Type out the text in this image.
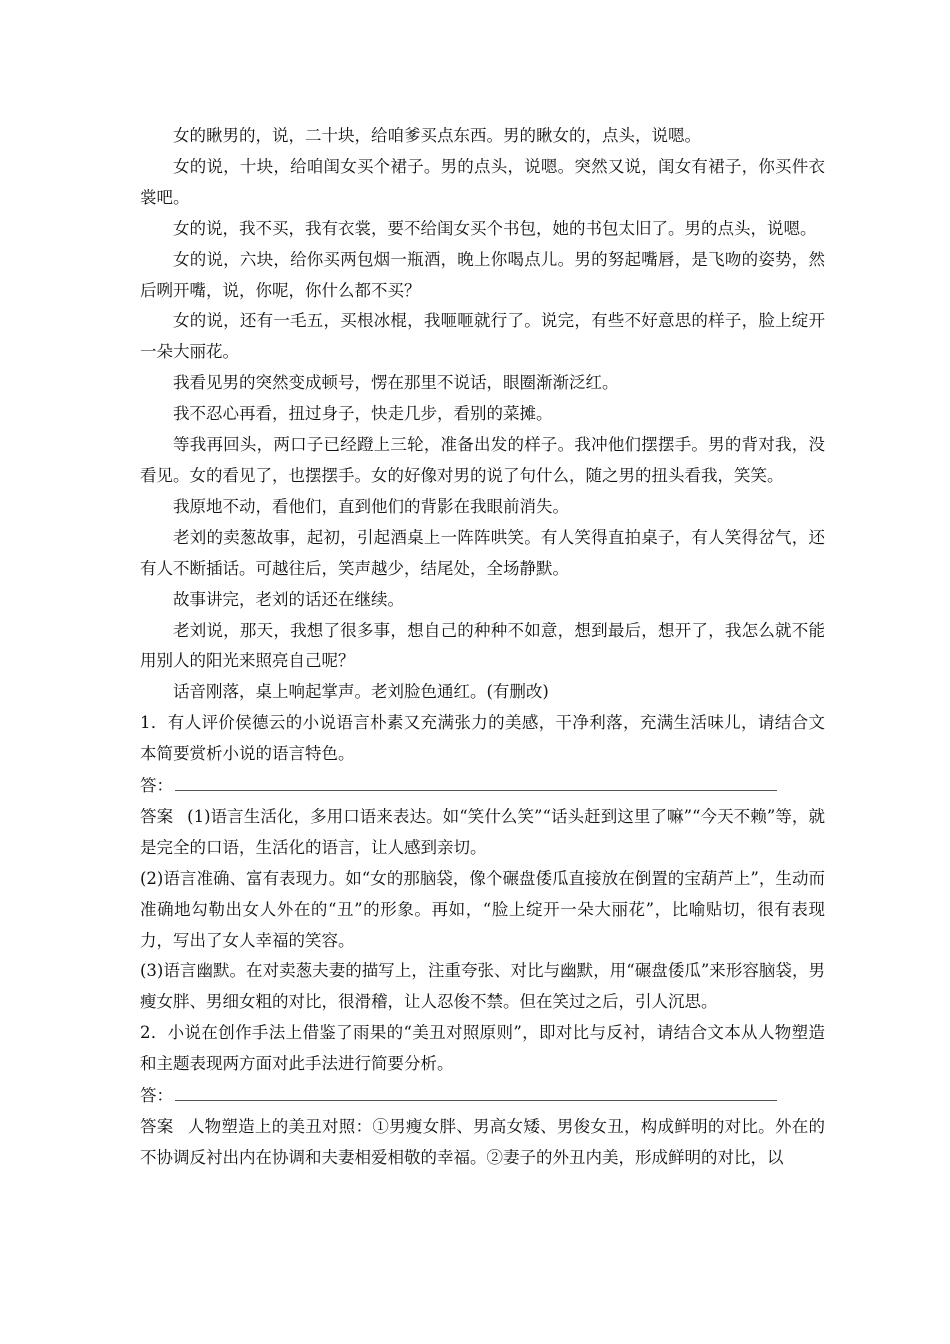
女的瞅男的，说，二十块，给咱爹买点东西。男的瞅女的，点头，说嗯。

女的说，十块，给咱闺女买个裙子。男的点头，说嗯。突然又说，闺女有裙子，你买件衣裳吧。

女的说，我不买，我有衣裳，要不给闺女买个书包，她的书包太旧了。男的点头，说嗯。

女的说，六块，给你买两包烟一瓶酒，晚上你喝点儿。男的努起嘴唇，是飞吻的姿势，然后咧开嘴，说，你呢，你什么都不买？

女的说，还有一毛五，买根冰棍，我咂咂就行了。说完，有些不好意思的样子，脸上绽开一朵大丽花。

我看见男的突然变成顿号，愣在那里不说话，眼圈渐渐泛红。

我不忍心再看，扭过身子，快走几步，看别的菜摊。

等我再回头，两口子已经蹬上三轮，准备出发的样子。我冲他们摆摆手。男的背对我，没看见。女的看见了，也摆摆手。女的好像对男的说了句什么，随之男的扭头看我，笑笑。

我原地不动，看他们，直到他们的背影在我眼前消失。

老刘的卖葱故事，起初，引起酒桌上一阵阵哄笑。有人笑得直拍桌子，有人笑得岔气，还有人不断插话。可越往后，笑声越少，结尾处，全场静默。

故事讲完，老刘的话还在继续。

老刘说，那天，我想了很多事，想自己的种种不如意，想到最后，想开了，我怎么就不能用别人的阳光来照亮自己呢？

话音刚落，桌上响起掌声。老刘脸色通红。(有删改)

1．有人评价侯德云的小说语言朴素又充满张力的美感，干净利落，充满生活味儿，请结合文本简要赏析小说的语言特色。

答：

答案 (1)语言生活化，多用口语来表达。如“笑什么笑”“话头赶到这里了嘛”“今天不赖”等，就是完全的口语，生活化的语言，让人感到亲切。

(2)语言准确、富有表现力。如“女的那脑袋，像个碾盘倭瓜直接放在倒置的宝葫芦上”，生动而准确地勾勒出女人外在的“丑”的形象。再如，“脸上绽开一朵大丽花”，比喻贴切，很有表现力，写出了女人幸福的笑容。

(3)语言幽默。在对卖葱夫妻的描写上，注重夸张、对比与幽默，用“碾盘倭瓜”来形容脑袋，男瘦女胖、男细女粗的对比，很滑稽，让人忍俊不禁。但在笑过之后，引人沉思。

2．小说在创作手法上借鉴了雨果的“美丑对照原则”，即对比与反衬，请结合文本从人物塑造和主题表现两方面对此手法进行简要分析。

答：

答案 人物塑造上的美丑对照：①男瘦女胖、男高女矮、男俊女丑，构成鲜明的对比。外在的不协调反衬出内在协调和夫妻相爱相敬的幸福。②妻子的外丑内美，形成鲜明的对比，以
